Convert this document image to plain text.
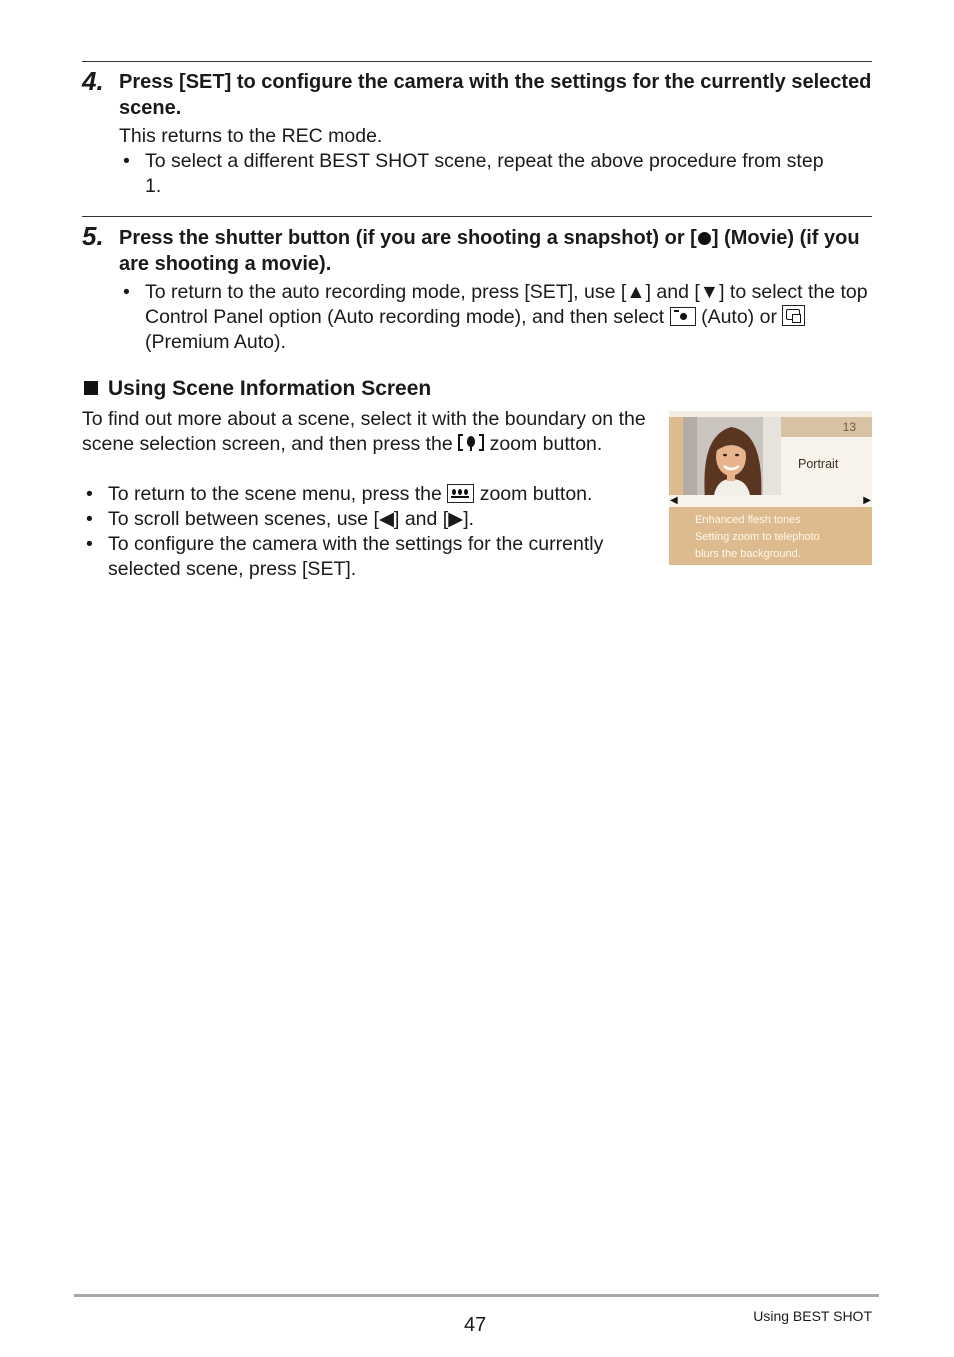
4. Press [SET] to configure the camera with the settings for the currently selected scene.
This returns to the REC mode.
• To select a different BEST SHOT scene, repeat the above procedure from step 1.
5. Press the shutter button (if you are shooting a snapshot) or [ ] (Movie) (if you are shooting a movie).
• To return to the auto recording mode, press [SET], use [▲] and [▼] to select the top Control Panel option (Auto recording mode), and then select
(Auto) or
(Premium Auto).
Using Scene Information Screen
To find out more about a scene, select it with the boundary on the scene selection screen, and then press the
zoom button.
• To return to the scene menu, press the
zoom button.
• To scroll between scenes, use [◀] and [▶].
• To configure the camera with the settings for the currently selected scene, press [SET].
13
Portrait
◀	▶
Enhanced flesh tones
Setting zoom to telephoto
blurs the background.
47	Using BEST SHOT
